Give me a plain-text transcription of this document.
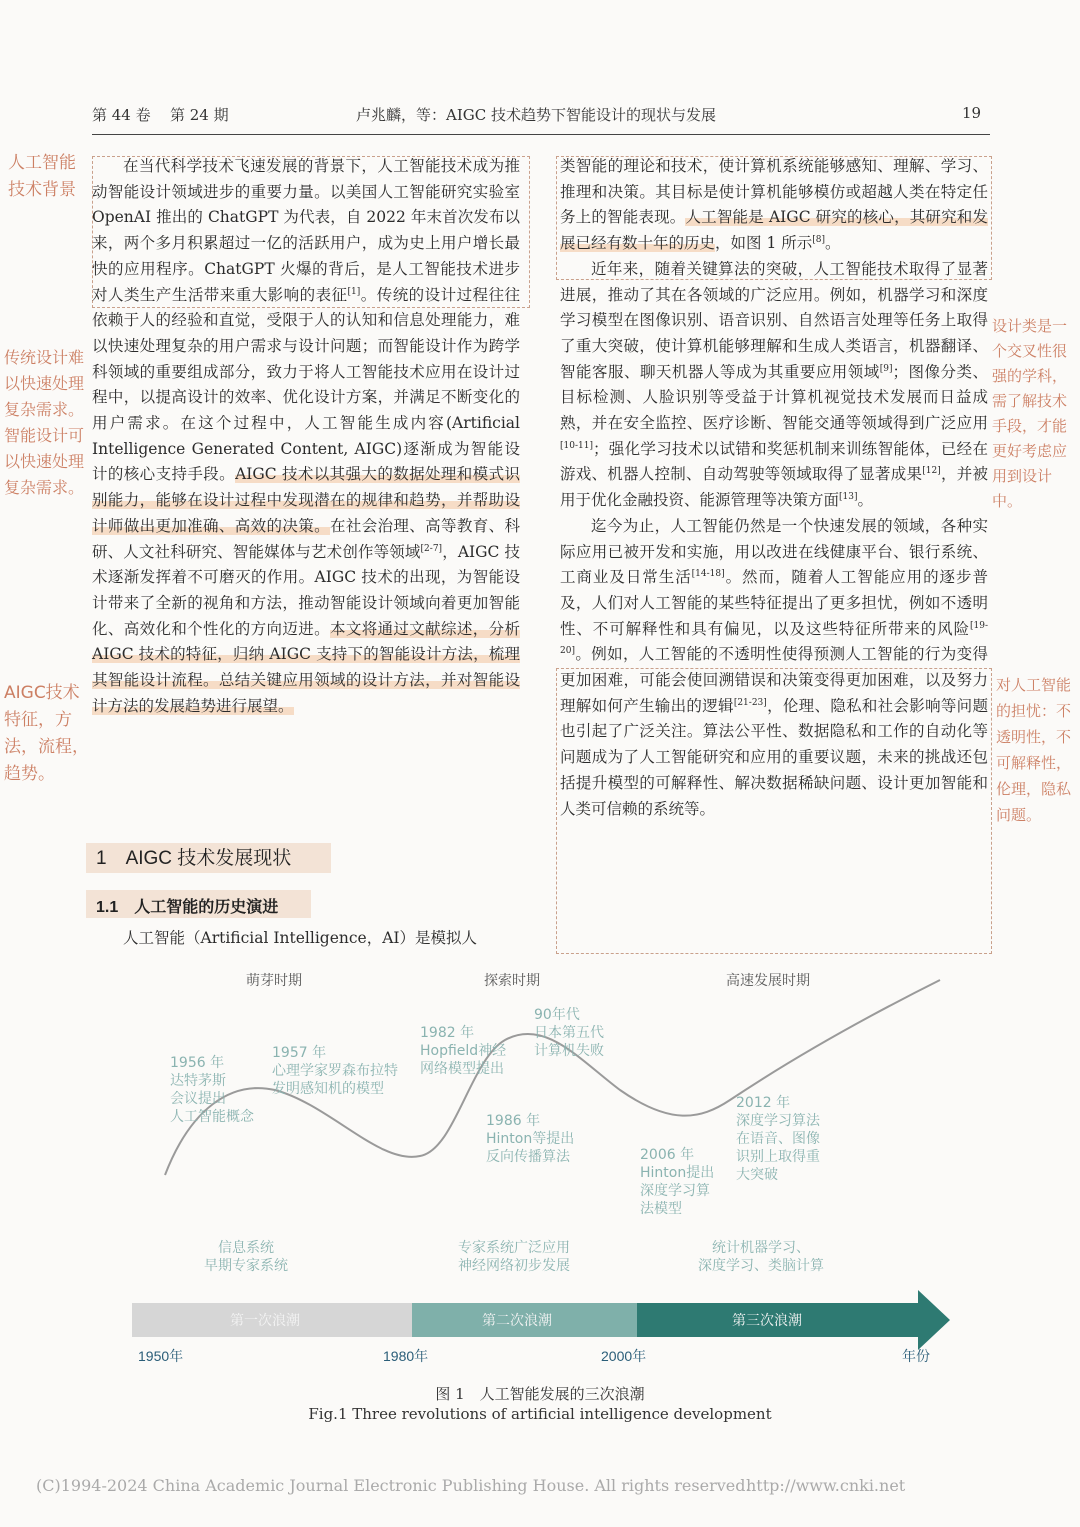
第 44 卷 第 24 期	卢兆麟，等：AIGC 技术趋势下智能设计的现状与发展	19

在当代科学技术飞速发展的背景下，人工智能技术成为推动智能设计领域进步的重要力量。以美国人工智能研究实验室 OpenAI 推出的 ChatGPT 为代表，自 2022 年末首次发布以来，两个多月积累超过一亿的活跃用户，成为史上用户增长最快的应用程序。ChatGPT 火爆的背后，是人工智能技术进步对人类生产生活带来重大影响的表征[1]。传统的设计过程往往依赖于人的经验和直觉，受限于人的认知和信息处理能力，难以快速处理复杂的用户需求与设计问题；而智能设计作为跨学科领域的重要组成部分，致力于将人工智能技术应用在设计过程中，以提高设计的效率、优化设计方案，并满足不断变化的用户需求。在这个过程中，人工智能生成内容(Artificial Intelligence Generated Content, AIGC)逐渐成为智能设计的核心支持手段。AIGC 技术以其强大的数据处理和模式识别能力，能够在设计过程中发现潜在的规律和趋势，并帮助设计师做出更加准确、高效的决策。在社会治理、高等教育、科研、人文社科研究、智能媒体与艺术创作等领域[2-7]，AIGC 技术逐渐发挥着不可磨灭的作用。AIGC 技术的出现，为智能设计带来了全新的视角和方法，推动智能设计领域向着更加智能化、高效化和个性化的方向迈进。本文将通过文献综述，分析 AIGC 技术的特征，归纳 AIGC 支持下的智能设计方法，梳理其智能设计流程。总结关键应用领域的设计方法，并对智能设计方法的发展趋势进行展望。

1　AIGC 技术发展现状
1.1　人工智能的历史演进

人工智能（Artificial Intelligence，AI）是模拟人

类智能的理论和技术，使计算机系统能够感知、理解、学习、推理和决策。其目标是使计算机能够模仿或超越人类在特定任务上的智能表现。人工智能是 AIGC 研究的核心，其研究和发展已经有数十年的历史，如图 1 所示[8]。

近年来，随着关键算法的突破，人工智能技术取得了显著进展，推动了其在各领域的广泛应用。例如，机器学习和深度学习模型在图像识别、语音识别、自然语言处理等任务上取得了重大突破，使计算机能够理解和生成人类语言，机器翻译、智能客服、聊天机器人等成为其重要应用领域[9]；图像分类、目标检测、人脸识别等受益于计算机视觉技术发展而日益成熟，并在安全监控、医疗诊断、智能交通等领域得到广泛应用[10-11]；强化学习技术以试错和奖惩机制来训练智能体，已经在游戏、机器人控制、自动驾驶等领域取得了显著成果[12]，并被用于优化金融投资、能源管理等决策方面[13]。

迄今为止，人工智能仍然是一个快速发展的领域，各种实际应用已被开发和实施，用以改进在线健康平台、银行系统、工商业及日常生活[14-18]。然而，随着人工智能应用的逐步普及，人们对人工智能的某些特征提出了更多担忧，例如不透明性、不可解释性和具有偏见，以及这些特征所带来的风险[19-20]。例如，人工智能的不透明性使得预测人工智能的行为变得更加困难，可能会使回溯错误和决策变得更加困难，以及努力理解如何产生输出的逻辑[21-23]，伦理、隐私和社会影响等问题也引起了广泛关注。算法公平性、数据隐私和工作的自动化等问题成为了人工智能研究和应用的重要议题，未来的挑战还包括提升模型的可解释性、解决数据稀缺问题、设计更加智能和人类可信赖的系统等。

人工智能技术背景
传统设计难以快速处理复杂需求。智能设计可以快速处理复杂需求。
AIGC技术特征，方法，流程，趋势。
设计类是一个交叉性很强的学科，需了解技术手段，才能更好考虑应用到设计中。
对人工智能的担忧：不透明性，不可解释性，伦理，隐私问题。
萌芽时期	探索时期	高速发展时期
1956 年
达特茅斯
会议提出
人工智能概念
1957 年
心理学家罗森布拉特
发明感知机的模型
1982 年
Hopfield神经
网络模型提出
90年代
日本第五代
计算机失败
1986 年
Hinton等提出
反向传播算法	2006 年
Hinton提出
深度学习算
法模型
2012 年
深度学习算法
在语音、图像
识别上取得重
大突破
信息系统
早期专家系统
专家系统广泛应用
神经网络初步发展
统计机器学习、
深度学习、类脑计算
第一次浪潮	第二次浪潮	第三次浪潮
1950年	1980年	2000年	年份
图 1　人工智能发展的三次浪潮
Fig.1 Three revolutions of artificial intelligence development
(C)1994-2024 China Academic Journal Electronic Publishing House. All rights reserved.
http://www.cnki.net
